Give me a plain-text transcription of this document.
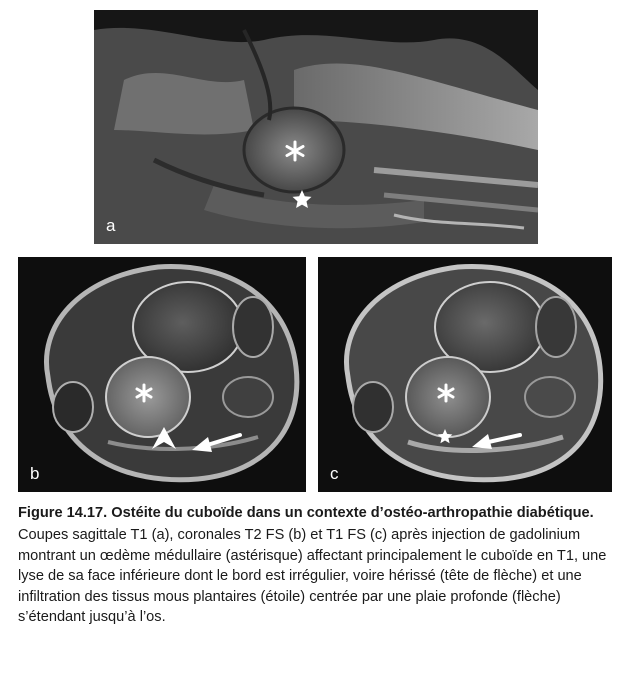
a
b	c

Figure 14.17. Ostéite du cuboïde dans un contexte d’ostéo-arthropathie diabétique.

Coupes sagittale T1 (a), coronales T2 FS (b) et T1 FS (c) après injection de gadolinium montrant un œdème médullaire (astérisque) affectant principalement le cuboïde en T1, une lyse de sa face inférieure dont le bord est irrégulier, voire hérissé (tête de flèche) et une infiltration des tissus mous plantaires (étoile) centrée par une plaie profonde (flèche) s’étendant jusqu’à l’os.
